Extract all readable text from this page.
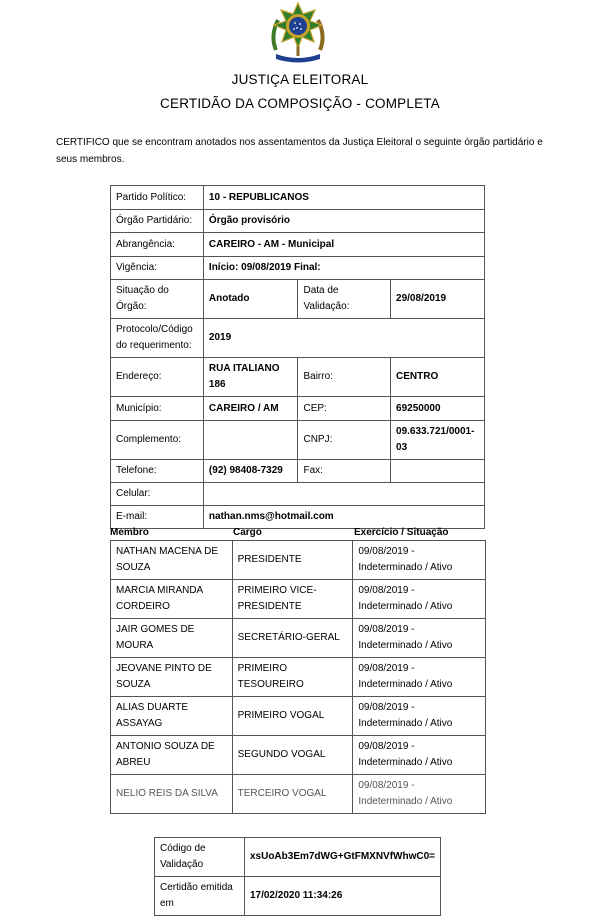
JUSTIÇA ELEITORAL
CERTIDÃO DA COMPOSIÇÃO - COMPLETA
CERTIFICO que se encontram anotados nos assentamentos da Justiça Eleitoral o seguinte órgão partidário e seus membros.
Partido Político:	10 - REPUBLICANOS		
Órgão Partidário:	Órgão provisório		
Abrangência:	CAREIRO - AM - Municipal		
Vigência:	Início: 09/08/2019 Final:		
Situação do Órgão:	Anotado	Data de Validação:	29/08/2019
Protocolo/Código do requerimento:	2019		
Endereço:	RUA ITALIANO 186	Bairro:	CENTRO
Município:	CAREIRO / AM	CEP:	69250000
Complemento:		CNPJ:	09.633.721/0001-03
Telefone:	(92) 98408-7329	Fax:	
Celular:			
E-mail:	nathan.nms@hotmail.com		
Membro	Cargo	Exercício / Situação
NATHAN MACENA DE SOUZA	PRESIDENTE	09/08/2019 - Indeterminado / Ativo
MARCIA MIRANDA CORDEIRO	PRIMEIRO VICE-PRESIDENTE	09/08/2019 - Indeterminado / Ativo
JAIR GOMES DE MOURA	SECRETÁRIO-GERAL	09/08/2019 - Indeterminado / Ativo
JEOVANE PINTO DE SOUZA	PRIMEIRO TESOUREIRO	09/08/2019 - Indeterminado / Ativo
ALIAS DUARTE ASSAYAG	PRIMEIRO VOGAL	09/08/2019 - Indeterminado / Ativo
ANTONIO SOUZA DE ABREU	SEGUNDO VOGAL	09/08/2019 - Indeterminado / Ativo
NELIO REIS DA SILVA	TERCEIRO VOGAL	09/08/2019 - Indeterminado / Ativo
Código de Validação	xsUoAb3Em7dWG+GtFMXNVfWhwC0=
Certidão emitida em	17/02/2020 11:34:26
